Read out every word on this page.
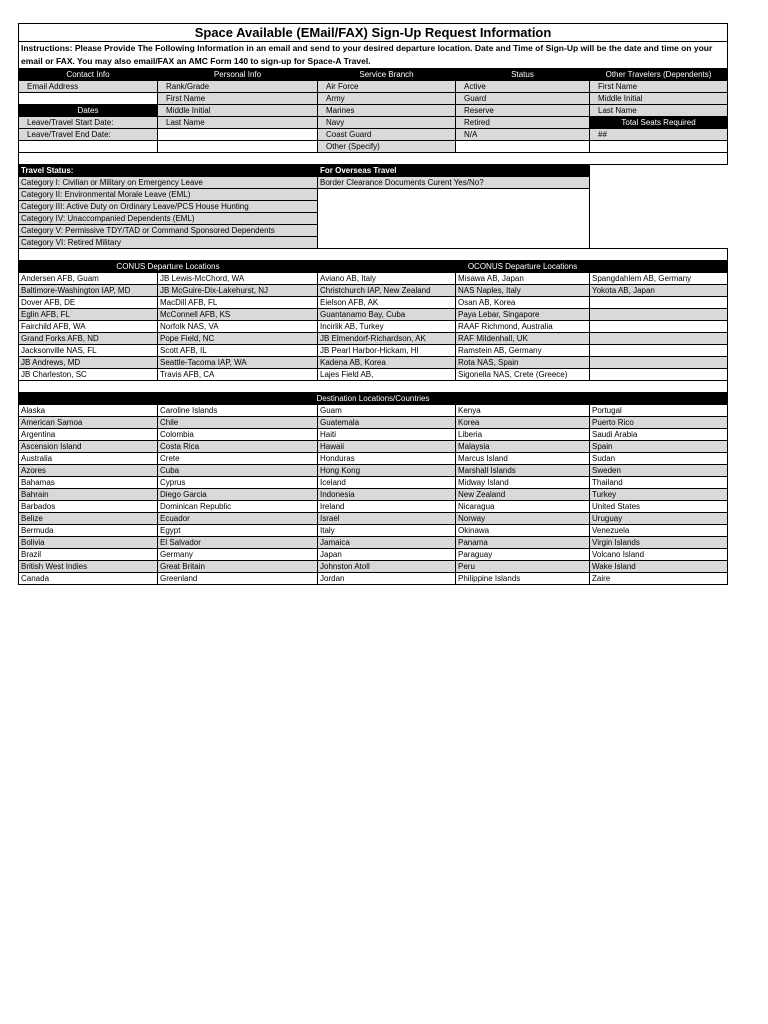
Space Available (EMail/FAX) Sign-Up Request Information				
Instructions: Please Provide The Following Information in an email and send to your desired departure location. Date and Time of Sign-Up will be the date and time on your email or FAX. You may also email/FAX an AMC Form 140 to sign-up for Space-A Travel.				
Contact Info	Personal Info	Service Branch	Status	Other Travelers (Dependents)
Email Address	Rank/Grade	Air Force	Active	First Name
	First Name	Army	Guard	Middle Initial
Dates	Middle Initial	Marines	Reserve	Last Name
Leave/Travel Start Date:	Last Name	Navy	Retired	Total Seats Required
Leave/Travel End Date:		Coast Guard	N/A	##
		Other (Specify)		

Travel Status:		For Overseas Travel		
Category I: Civilian or Military on Emergency Leave		Border Clearance Documents Curent Yes/No?		
Category II: Environmental Morale Leave (EML)				
Category III: Active Duty on Ordinary Leave/PCS House Hunting				
Category IV: Unaccompanied Dependents (EML)				
Category V: Permissive TDY/TAD or Command Sponsored Dependents				
Category VI: Retired Military				

CONUS Departure Locations		OCONUS Departure Locations		
Andersen AFB, Guam	JB Lewis-McChord, WA	Aviano AB, Italy	Misawa AB, Japan	Spangdahlem AB, Germany
Baltimore-Washington IAP, MD	JB McGuire-Dix-Lakehurst, NJ	Christchurch IAP, New Zealand	NAS Naples, Italy	Yokota AB, Japan
Dover AFB, DE	MacDill AFB, FL	Eielson AFB, AK	Osan AB, Korea	
Eglin AFB, FL	McConnell AFB, KS	Guantanamo Bay, Cuba	Paya Lebar, Singapore	
Fairchild AFB, WA	Norfolk NAS, VA	Incirlik AB, Turkey	RAAF Richmond, Australia	
Grand Forks AFB, ND	Pope Field, NC	JB Elmendorf-Richardson, AK	RAF Mildenhall, UK	
Jacksonville NAS, FL	Scott AFB, IL	JB Pearl Harbor-Hickam, HI	Ramstein AB, Germany	
JB Andrews, MD	Seattle-Tacoma IAP, WA	Kadena AB, Korea	Rota NAS, Spain	
JB Charleston, SC	Travis AFB, CA	Lajes Field AB,	Sigonella NAS, Crete (Greece)	

Destination Locations/Countries				
Alaska	Caroline Islands	Guam	Kenya	Portugal
American Samoa	Chile	Guatemala	Korea	Puerto Rico
Argentina	Colombia	Haiti	Liberia	Saudi Arabia
Ascension Island	Costa Rica	Hawaii	Malaysia	Spain
Australia	Crete	Honduras	Marcus Island	Sudan
Azores	Cuba	Hong Kong	Marshall Islands	Sweden
Bahamas	Cyprus	Iceland	Midway Island	Thailand
Bahrain	Diego Garcia	Indonesia	New Zealand	Turkey
Barbados	Dominican Republic	Ireland	Nicaragua	United States
Belize	Ecuador	Israel	Norway	Uruguay
Bermuda	Egypt	Italy	Okinawa	Venezuela
Bolivia	El Salvador	Jamaica	Panama	Virgin Islands
Brazil	Germany	Japan	Paraguay	Volcano Island
British West Indies	Great Britain	Johnston Atoll	Peru	Wake Island
Canada	Greenland	Jordan	Philippine Islands	Zaire
